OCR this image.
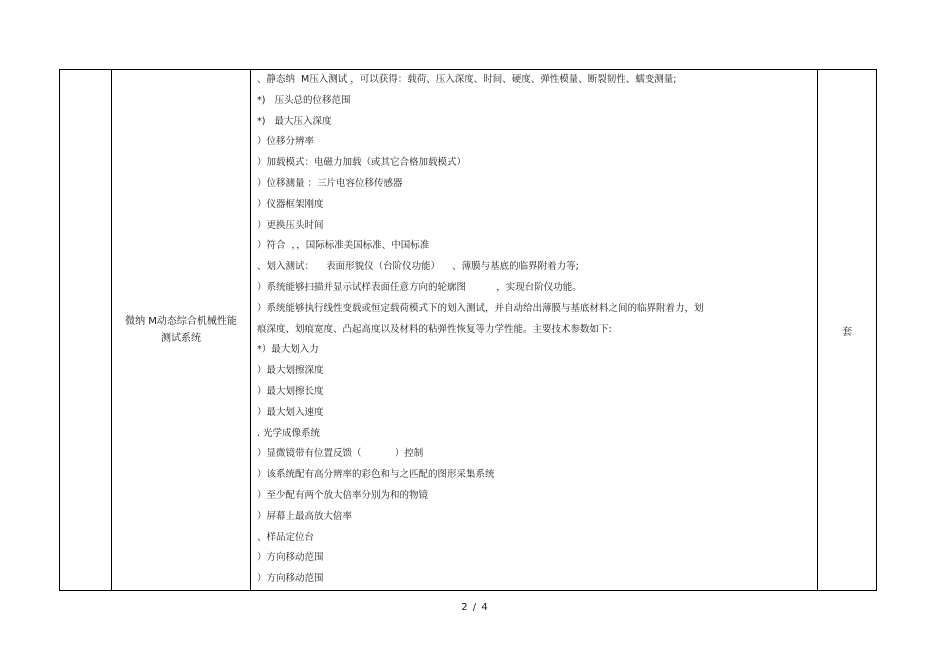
微纳 M动态综合机械性能测试系统
、静态纳  M压入测试 ，可以获得：载荷、压入深度、时间、硬度、弹性模量、断裂韧性、蠕变测量;
*)   压头总的位移范围
*)   最大压入深度
）位移分辨率
）加载模式：电磁力加载（或其它合格加载模式）
）位移测量 ：三片电容位移传感器
）仪器框架刚度
）更换压头时间
）符合  ，，国际标准美国标准、中国标准
、划入测试：    表面形貌仪（台阶仪功能）    、薄膜与基底的临界附着力等;
）系统能够扫描并显示试样表面任意方向的轮廓图          ，实现台阶仪功能。
）系统能够执行线性变载或恒定载荷模式下的划入测试，并自动给出薄膜与基底材料之间的临界附着力，划
痕深度、划痕宽度、凸起高度以及材料的粘弹性恢复等力学性能。主要技术参数如下:
*）最大划入力
）最大划擦深度
）最大划擦长度
）最大划入速度
. 光学成像系统
）显微镜带有位置反馈（           ）控制
）该系统配有高分辨率的彩色和与之匹配的图形采集系统
）至少配有两个放大倍率分别为和的物镜
）屏幕上最高放大倍率
、样品定位台
）方向移动范围
）方向移动范围
套
2 / 4
